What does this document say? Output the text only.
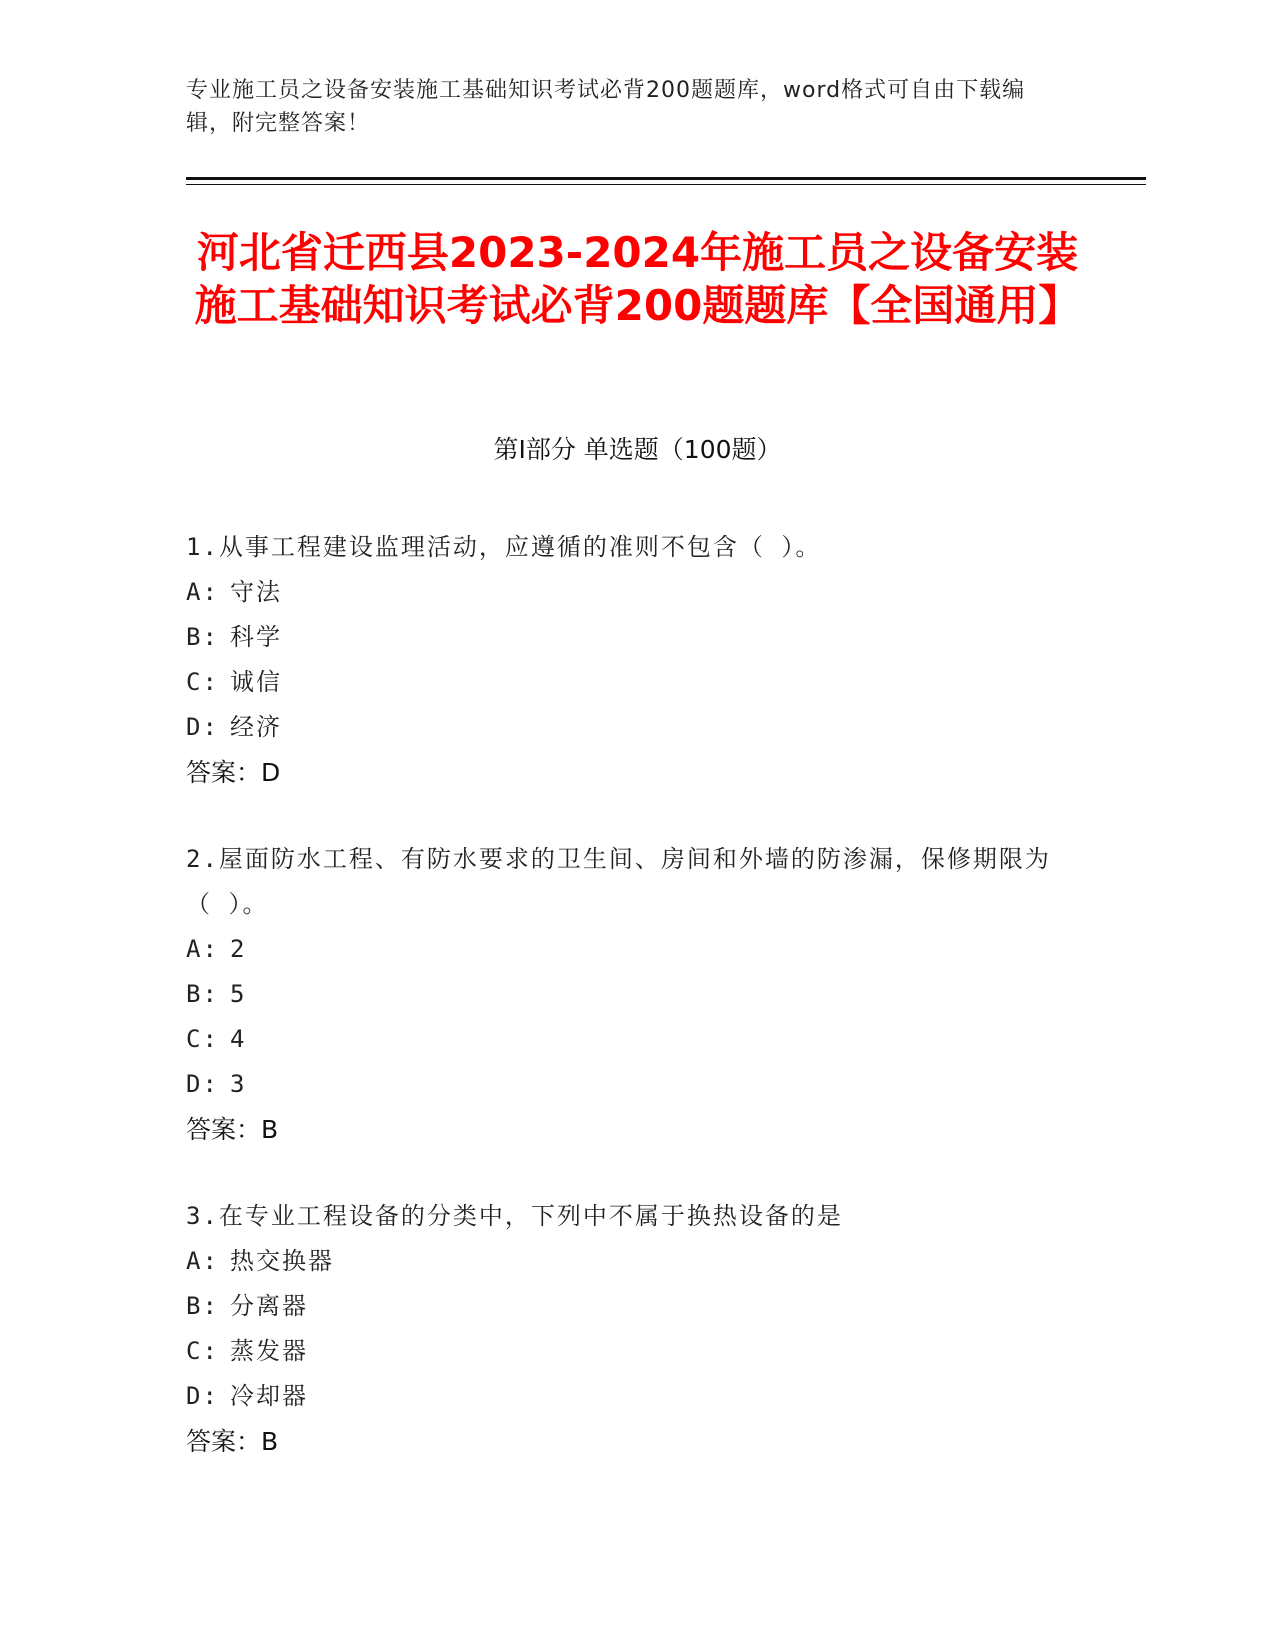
专业施工员之设备安装施工基础知识考试必背200题题库，word格式可自由下载编辑，附完整答案！
河北省迁西县2023-2024年施工员之设备安装施工基础知识考试必背200题题库【全国通用】
第I部分 单选题（100题）
1.从事工程建设监理活动，应遵循的准则不包含（ ）。
A: 守法
B: 科学
C: 诚信
D: 经济
答案：D
2.屋面防水工程、有防水要求的卫生间、房间和外墙的防渗漏，保修期限为（ ）。
A: 2
B: 5
C: 4
D: 3
答案：B
3.在专业工程设备的分类中，下列中不属于换热设备的是
A: 热交换器
B: 分离器
C: 蒸发器
D: 冷却器
答案：B
